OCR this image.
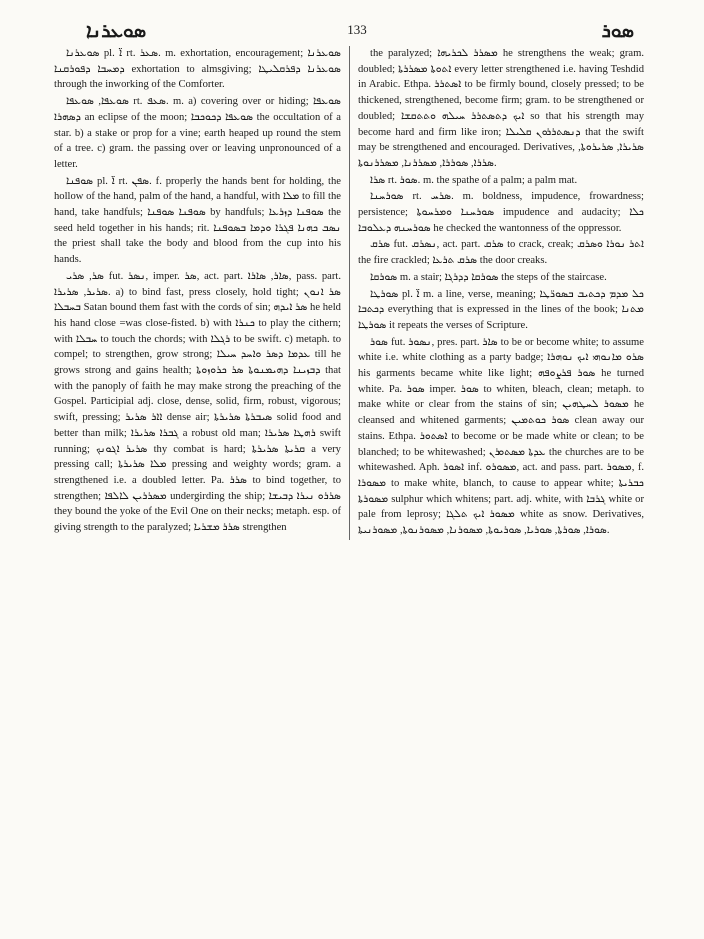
ܣܘܥܪܢܐ	133	ܣܘܪ

ܣܘܥܪܢܐ pl. ܐ̈ rt. ܣܥܪ. m. exhortation, encouragement; ܣܘܥܪܢܐ ܕܡܚܒܐ ܕܦܘܪܩܢܐ exhortation to almsgiving; ܣܘܥܪܢܐ ܕܦܪܩܠܝܛܐ through the inworking of the Comforter.

ܣܘܥܦܐ, ܣܘܥܦܐ rt. ܣܥܦ. m. a) covering over or hiding; ܣܘܥܦܐ ܕܣܗܪܐ an eclipse of the moon; ܣܘܥܦܐ ܕܟܘܟܒܐ the occultation of a star. b) a stake or prop for a vine; earth heaped up round the stem of a tree. c) gram. the passing over or leaving unpronounced of a letter.

ܣܘܦܢܐ pl. ܐ̈ rt. ܣܦܢ. f. properly the hands bent for holding, the hollow of the hand, palm of the hand, a handful, with ܡܠܐ to fill the hand, take handfuls; ܣܘܦܢܐ ܣܘܦܢܐ by handfuls; ܣܘܦܢܐ ܕܙܪܥܐ the seed held together in his hands; rit. ܢܣܒ ܟܗܢܐ ܦܓܪܐ ܘܕܡܐ ܒܣܘܦܢܐ the priest shall take the body and blood from the cup into his hands.

ܣܪ, ܣܪܝ fut. ܢܣܪ, imper. ܣܪ, act. part. ܣܐܪ, ܣܐܪܐ, pass. part. ܣܪܝܪ, ܣܪܝܪܐ. a) to bind fast, press closely, hold tight; ܣܪ ܐܢܘܢ ܒܚܒܠܐ Satan bound them fast with the cords of sin; ܣܪ ܐܝܕܗ he held his hand close =was close-fisted. b) with ܟܢܪܐ to play the cithern; with ܚܒܠܐ to touch the chords; with ܪܓܠܐ to be swift. c) metaph. to compel; to strengthen, grow strong; ܥܕܡܐ ܕܣܪ ܘܐܚܕ ܚܝܠܐ till he grows strong and gains health; ܕܒܙܝܢܐ ܕܗܝܡܢܘܬܐ ܣܪ ܟܪܘܙܘܬܐ that with the panoply of faith he may make strong the preaching of the Gospel. Participial adj. close, dense, solid, firm, robust, vigorous; swift, pressing; ܐܐܪ ܣܪܝܪ dense air; ܣܝܒܪܬܐ ܣܪܝܪܬܐ solid food and better than milk; ܓܒܪܐ ܣܪܝܪܐ a robust old man; ܪܗܛܐ ܣܪܝܪܐ swift running; ܣܪܝܪ ܐܓܘܢܟ thy combat is hard; ܩܪܝܬܐ ܣܪܝܪܬܐ a very pressing call; ܡܠܐ ܣܪܝܪܬܐ pressing and weighty words; gram. a strengthened i.e. a doubled letter. Pa. ܣܪܪ to bind together, to strengthen; ܡܣܪܪܝܢ ܠܐܠܦܐ undergirding the ship; ܣܪܪܘ ܢܝܪܐ ܕܒܝܫܐ they bound the yoke of the Evil One on their necks; metaph. esp. of giving strength to the paralyzed; ܣܪܪ ܡܫܪܝܐ strengthen

the paralyzed; ܡܣܪܪ ܠܟܪܝܗܐ he strengthens the weak; gram. doubled; ܐܬܘܬܐ ܡܣܪܪܬܐ every letter strengthened i.e. having Teshdid in Arabic. Ethpa. ܐܣܬܪܪ to be firmly bound, closely pressed; to be thickened, strengthened, become firm; gram. to be strengthened or doubled; ܐܝܟ ܕܬܣܬܪܪ ܚܝܠܗ ܘܬܬܩܫܐ so that his strength may become hard and firm like iron; ܕܢܣܬܪܪܘܢ ܩܠܝܠܐ that the swift may be strengthened and encouraged. Derivatives, ܣܪܝܪܐ, ܣܪܝܪܘܬܐ, ܣܪܪܐ, ܣܘܪܪܐ, ܡܣܪܪܢܐ, ܡܣܪܪܢܘܬܐ.

ܣܪܐ rt. ܣܘܪ. m. the spathe of a palm; a palm mat.

ܣܘܪܚܢܐ rt. ܣܪܚ. m. boldness, impudence, frowardness; persistence; ܣܘܪܚܢܐ ܘܡܪܚܘܬܐ impudence and audacity; ܟܠܐ ܣܘܪܚܢܗ ܕܥܠܘܒܐ he checked the wantonness of the oppressor.

ܣܪܩ fut. ܢܣܪܩ, act. part. ܣܪܩ to crack, creak; ܐܬܪ ܢܘܪܐ ܘܣܪܩ the fire crackled; ܣܪܩ ܬܪܥܐ the door creaks.

ܣܘܪܩܐ m. a stair; ܣܘܪܩܐ ܕܕܪܓܐ the steps of the staircase.

ܣܘܪܛܐ pl. ܐ̈ m. a line, verse, meaning; ܟܠ ܡܕܡ ܕܟܬܝܒ ܒܣܘܪ̈ܛܐ ܕܟܬܒܐ everything that is expressed in the lines of the book; ܡܬܢܐ ܣܘܪܛܐ it repeats the verses of Scripture.

ܣܘܪ fut. ܢܣܘܪ, pres. part. ܣܐܪ to be or become white; to assume white i.e. white clothing as a party badge; ܣܪܘ ܡܐܢܘܗܝ ܐܝܟ ܢܘܗܪܐ his garments became white like light; ܣܘܪ ܦܪܨܘܦܗ he turned white. Pa. ܣܘܪ imper. ܣܘܪ to whiten, bleach, clean; metaph. to make white or clear from the stains of sin; ܡܣܘܪ ܠܚܛܗܝܢ he cleansed and whitened garments; ܣܘܪ ܟܘܬܡܝܢ clean away our stains. Ethpa. ܐܣܬܘܪ to become or be made white or clean; to be blanched; to be whitewashed; ܥܕܬܐ ܡܣܬܘܪܢ the churches are to be whitewashed. Aph. ܐܣܘܪ inf. ܡܣܘܪܘ, act. and pass. part. ܡܣܘܪ, f. ܡܣܘܪܐ to make white, blanch, to cause to appear white; ܟܒܪܝܬܐ ܡܣܘܪܬܐ sulphur which whitens; part. adj. white, with ܓܪܒܐ white or pale from leprosy; ܡܣܘܪ ܐܝܟ ܬܠܓܐ white as snow. Derivatives, ܣܘܪܐ, ܣܘܪܬܐ, ܣܘܪܝܐ, ܣܘܪܝܘܬܐ, ܡܣܘܪܢܐ, ܡܣܘܪܢܘܬܐ, ܡܣܘܪܢܝܬܐ.
